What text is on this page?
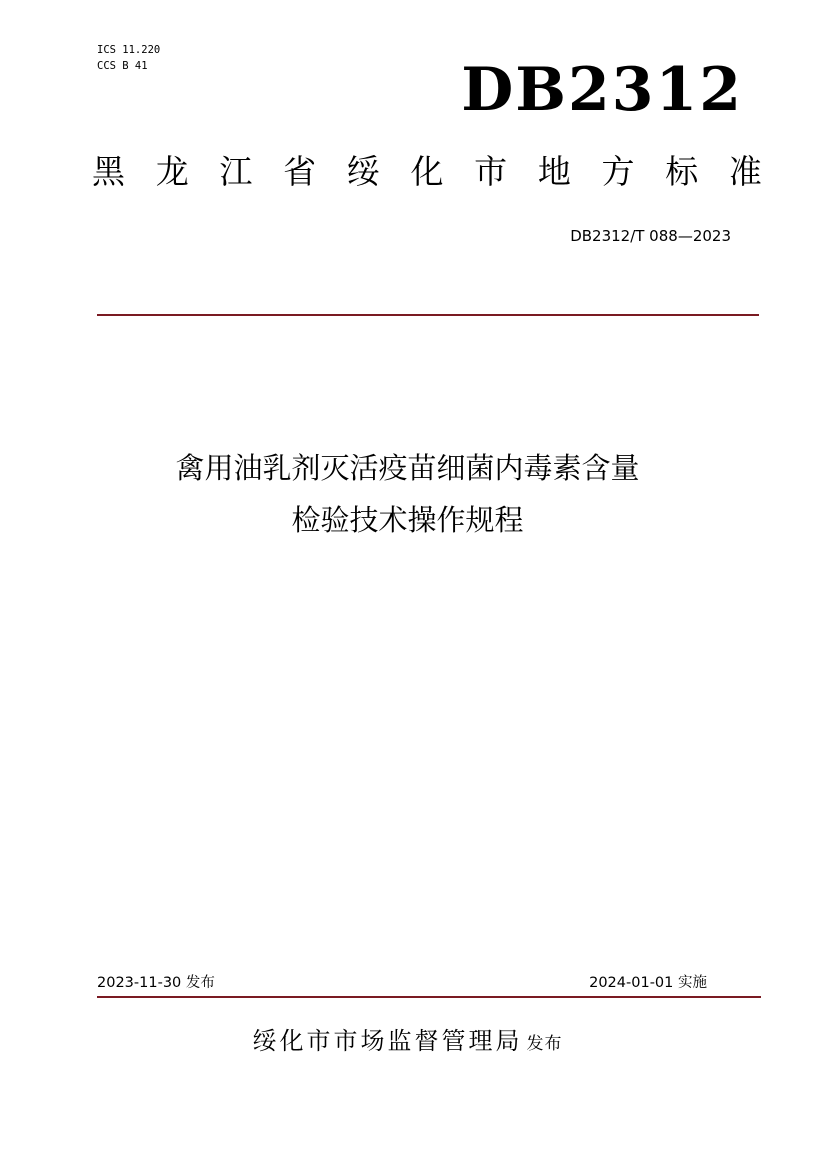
ICS 11.220
CCS B 41	DB2312
黑 龙 江 省 绥 化 市 地 方 标 准
DB2312/T 088—2023
禽用油乳剂灭活疫苗细菌内毒素含量
检验技术操作规程
2023-11-30 发布	2024-01-01 实施
绥化市市场监督管理局 发布
